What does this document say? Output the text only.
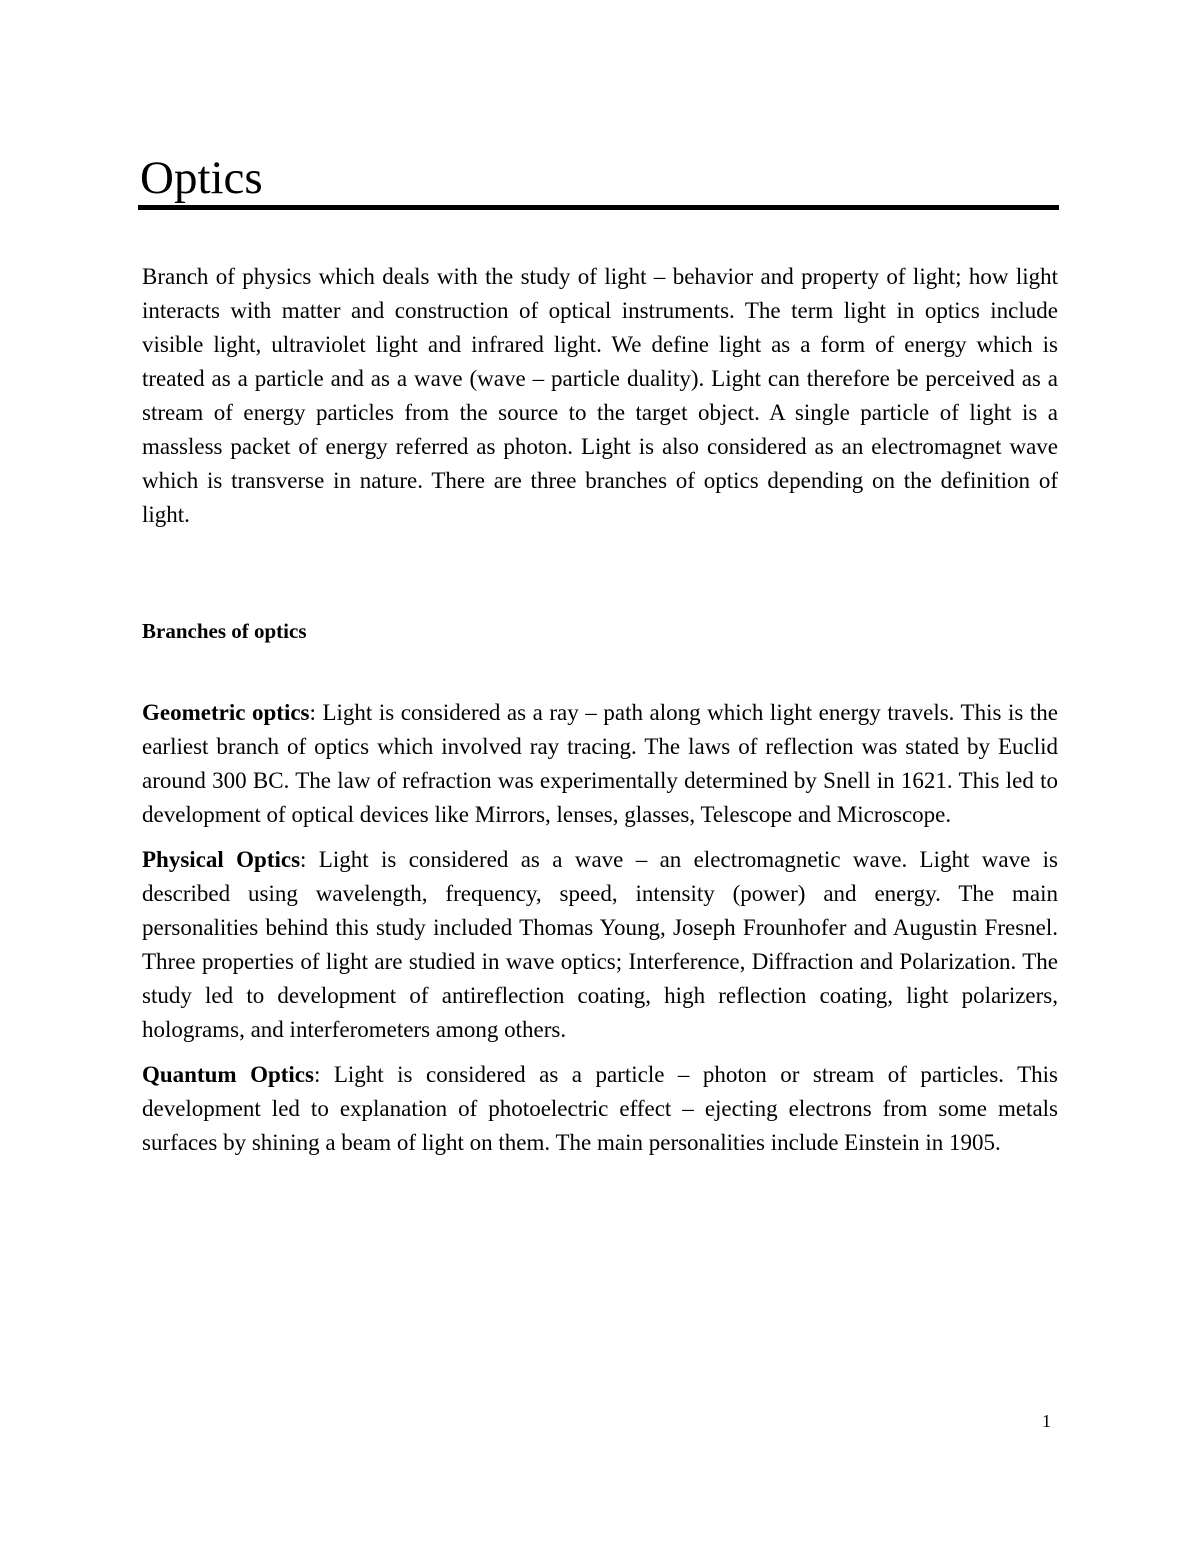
Optics

Branch of physics which deals with the study of light – behavior and property of light; how light interacts with matter and construction of optical instruments. The term light in optics include visible light, ultraviolet light and infrared light. We define light as a form of energy which is treated as a particle and as a wave (wave – particle duality). Light can therefore be perceived as a stream of energy particles from the source to the target object. A single particle of light is a massless packet of energy referred as photon. Light is also considered as an electromagnet wave which is transverse in nature. There are three branches of optics depending on the definition of light.

Branches of optics

Geometric optics: Light is considered as a ray – path along which light energy travels. This is the earliest branch of optics which involved ray tracing. The laws of reflection was stated by Euclid around 300 BC. The law of refraction was experimentally determined by Snell in 1621. This led to development of optical devices like Mirrors, lenses, glasses, Telescope and Microscope.

Physical Optics: Light is considered as a wave – an electromagnetic wave. Light wave is described using wavelength, frequency, speed, intensity (power) and energy. The main personalities behind this study included Thomas Young, Joseph Frounhofer and Augustin Fresnel. Three properties of light are studied in wave optics; Interference, Diffraction and Polarization. The study led to development of antireflection coating, high reflection coating, light polarizers, holograms, and interferometers among others.

Quantum Optics: Light is considered as a particle – photon or stream of particles. This development led to explanation of photoelectric effect – ejecting electrons from some metals surfaces by shining a beam of light on them. The main personalities include Einstein in 1905.

1
